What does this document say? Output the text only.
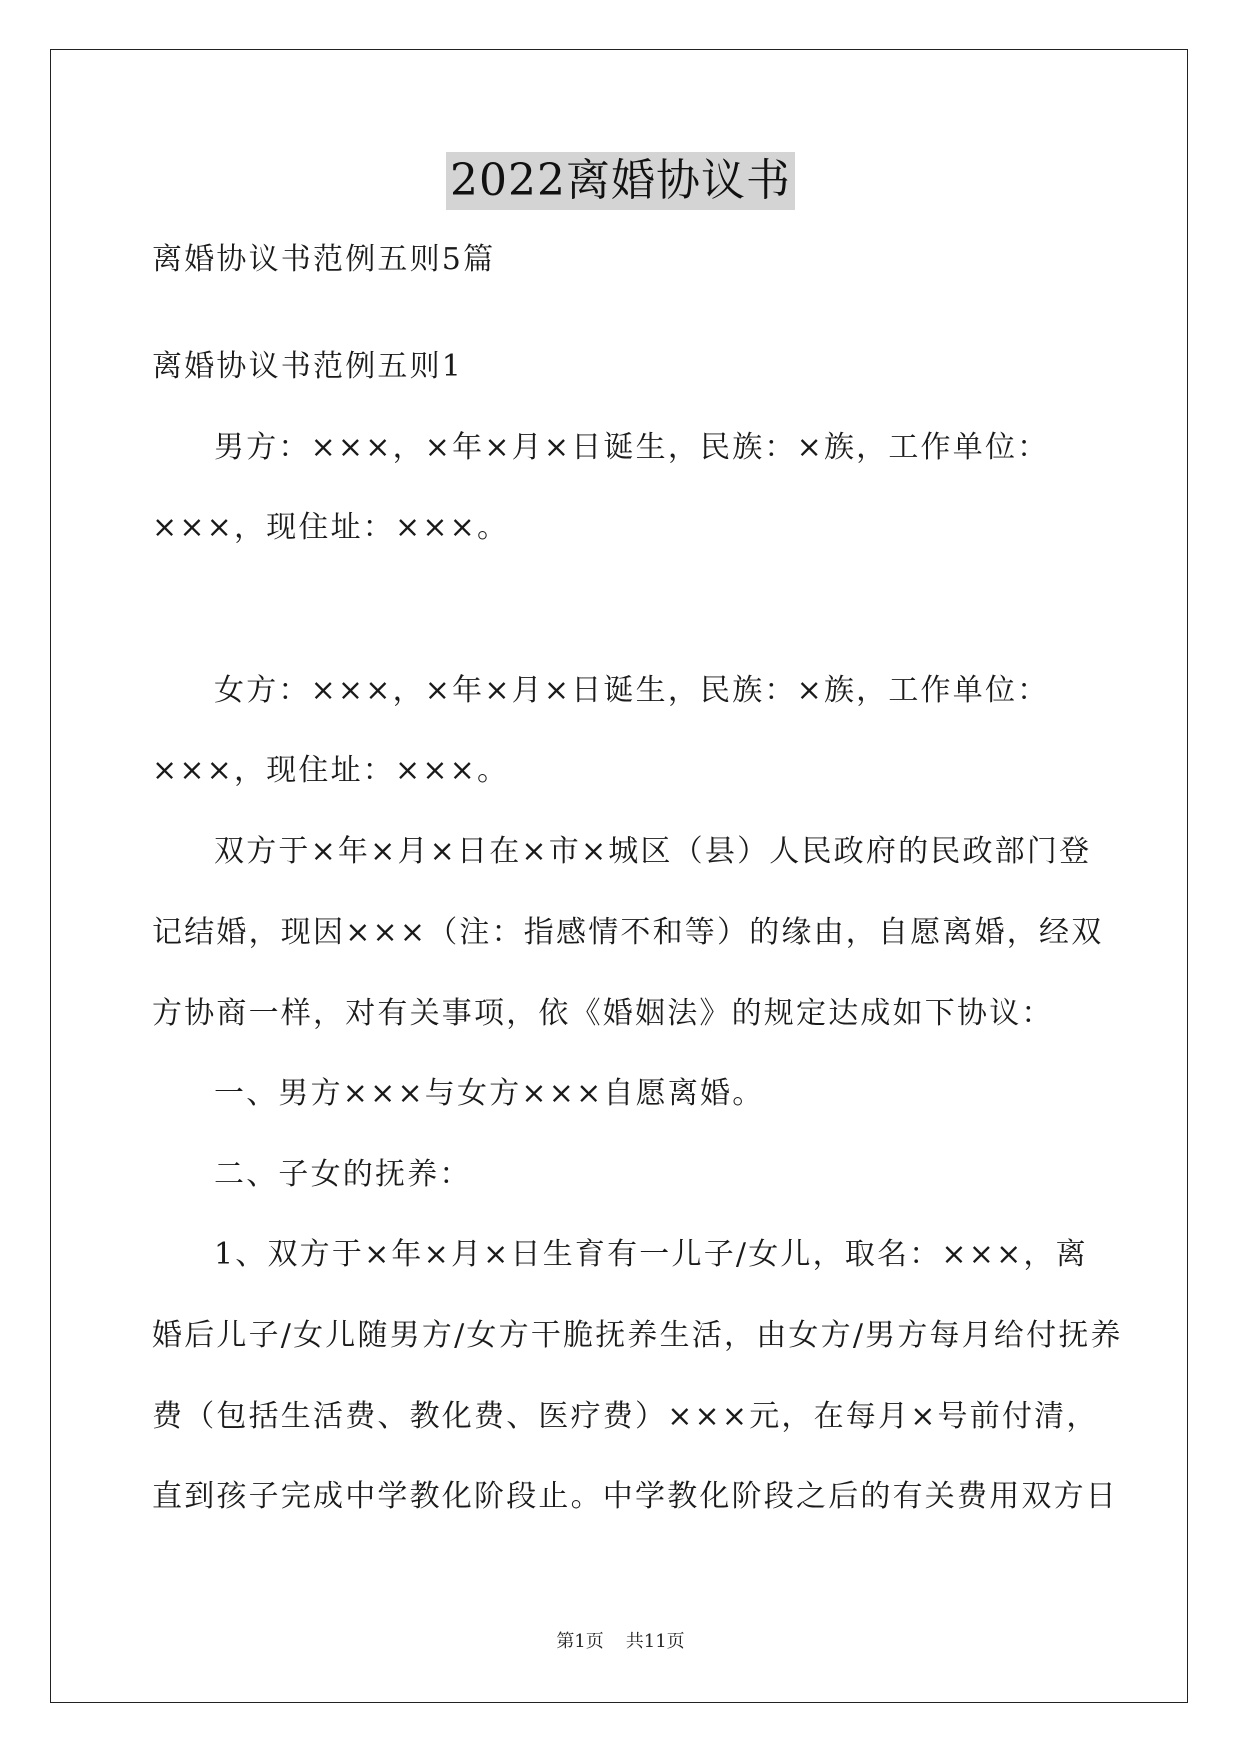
2022离婚协议书
离婚协议书范例五则5篇
离婚协议书范例五则1
男方：×××，×年×月×日诞生，民族：×族，工作单位：
×××，现住址：×××。
女方：×××，×年×月×日诞生，民族：×族，工作单位：
×××，现住址：×××。
双方于×年×月×日在×市×城区（县）人民政府的民政部门登
记结婚，现因×××（注：指感情不和等）的缘由，自愿离婚，经双
方协商一样，对有关事项，依《婚姻法》的规定达成如下协议：
一、男方×××与女方×××自愿离婚。
二、子女的抚养：
1、双方于×年×月×日生育有一儿子/女儿，取名：×××，离
婚后儿子/女儿随男方/女方干脆抚养生活，由女方/男方每月给付抚养
费（包括生活费、教化费、医疗费）×××元，在每月×号前付清，
直到孩子完成中学教化阶段止。中学教化阶段之后的有关费用双方日
第1页 共11页
